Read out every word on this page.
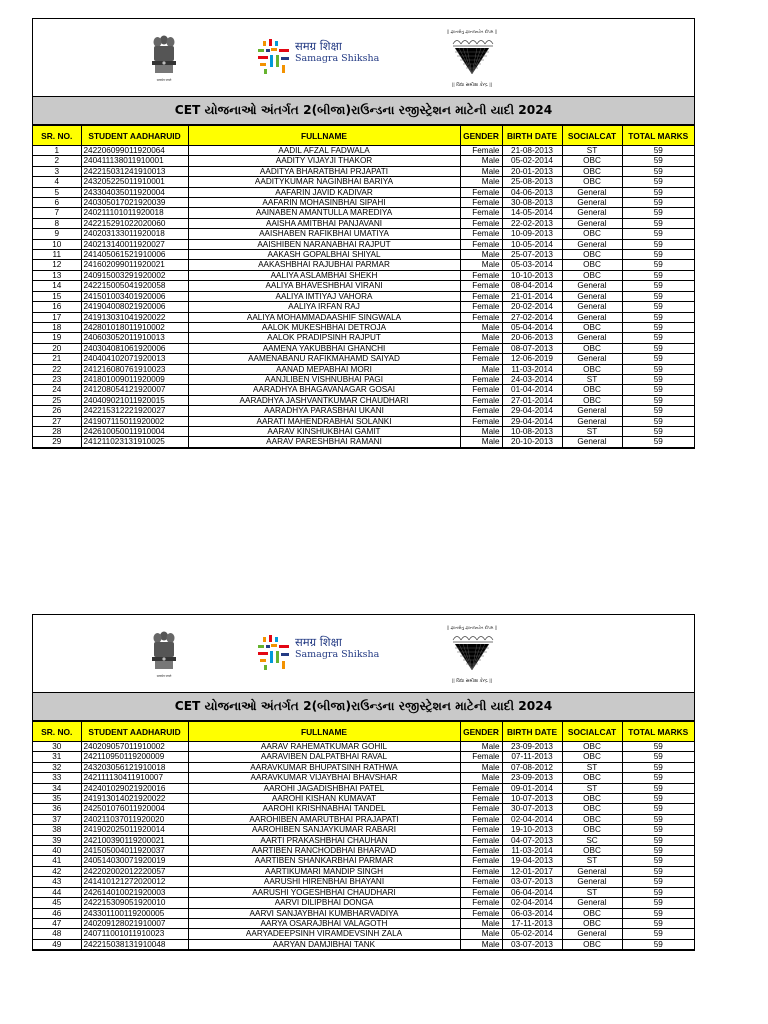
सत्यमेव जयते
समग्र शिक्षा
Samagra Shiksha
|| જ્ઞાનસેતુ જ્ઞાનજ્યોત દીપમ ||
|| વિદ્યા સમીક્ષા કેન્દ્ર ||
CET યોજનાઓ અંતર્ગત 2(બીજા)રાઉન્ડના રજીસ્ટ્રેશન માટેની યાદી 2024
SR. NO.	STUDENT AADHARUID	FULLNAME	GENDER	BIRTH DATE	SOCIALCAT	TOTAL MARKS
1	242206099011920064	AADIL AFZAL FADWALA	Female	21-08-2013	ST	59
2	240411138011910001	AADITY VIJAYJI THAKOR	Male	05-02-2014	OBC	59
3	242215031241910013	AADITYA BHARATBHAI PRJAPATI	Male	20-01-2013	OBC	59
4	243205225011910001	AADITYKUMAR NAGINBHAI BARIYA	Male	25-08-2013	OBC	59
5	243304035011920004	AAFARIN JAVID KADIVAR	Female	04-06-2013	General	59
6	240305017021920039	AAFARIN MOHASINBHAI SIPAHI	Female	30-08-2013	General	59
7	240211101011920018	AAINABEN AMANTULLA MAREDIYA	Female	14-05-2014	General	59
8	242215291022020060	AAISHA AMITBHAI PANJAVANI	Female	22-02-2013	General	59
9	240203133011920018	AAISHABEN RAFIKBHAI UMATIYA	Female	10-09-2013	OBC	59
10	240213140011920027	AAISHIBEN NARANABHAI RAJPUT	Female	10-05-2014	General	59
11	241405061521910006	AAKASH GOPALBHAI SHIYAL	Male	25-07-2013	OBC	59
12	241602099011920021	AAKASHBHAI RAJUBHAI PARMAR	Male	05-03-2014	OBC	59
13	240915003291920002	AALIYA ASLAMBHAI SHEKH	Female	10-10-2013	OBC	59
14	242215005041920058	AALIYA BHAVESHBHAI VIRANI	Female	08-04-2014	General	59
15	241501003401920006	AALIYA IMTIYAJ VAHORA	Female	21-01-2014	General	59
16	241904008021920006	AALIYA IRFAN RAJ	Female	20-02-2014	General	59
17	241913031041920022	AALIYA MOHAMMADAASHIF SINGWALA	Female	27-02-2014	General	59
18	242801018011910002	AALOK MUKESHBHAI DETROJA	Male	05-04-2014	OBC	59
19	240603052011910013	AALOK PRADIPSINH RAJPUT	Male	20-06-2013	General	59
20	240304081061920006	AAMENA YAKUBBHAI GHANCHI	Female	08-07-2013	OBC	59
21	240404102071920013	AAMENABANU RAFIKMAHAMD SAIYAD	Female	12-06-2019	General	59
22	241216080761910023	AANAD MEPABHAI MORI	Male	11-03-2014	OBC	59
23	241801009011920009	AANJLIBEN VISHNUBHAI PAGI	Female	24-03-2014	ST	59
24	241208054121920007	AARADHYA BHAGAVANAGAR GOSAI	Female	01-04-2014	OBC	59
25	240409021011920015	AARADHYA JASHVANTKUMAR CHAUDHARI	Female	27-01-2014	OBC	59
26	242215312221920027	AARADHYA PARASBHAI UKANI	Female	29-04-2014	General	59
27	241907115011920002	AARATI MAHENDRABHAI SOLANKI	Female	29-04-2014	General	59
28	242610050011910004	AARAV KINSHUKBHAI GAMIT	Male	10-08-2013	ST	59
29	241211023131910025	AARAV PARESHBHAI RAMANI	Male	20-10-2013	General	59
सत्यमेव जयते
समग्र शिक्षा
Samagra Shiksha
|| જ્ઞાનસેતુ જ્ઞાનજ્યોત દીપમ ||
|| વિદ્યા સમીક્ષા કેન્દ્ર ||
CET યોજનાઓ અંતર્ગત 2(બીજા)રાઉન્ડના રજીસ્ટ્રેશન માટેની યાદી 2024
SR. NO.	STUDENT AADHARUID	FULLNAME	GENDER	BIRTH DATE	SOCIALCAT	TOTAL MARKS
30	240209057011910002	AARAV RAHEMATKUMAR GOHIL	Male	23-09-2013	OBC	59
31	242110950119200009	AARAVIBEN DALPATBHAI RAVAL	Female	07-11-2013	OBC	59
32	243203056121910018	AARAVKUMAR BHUPATSINH RATHWA	Male	07-08-2012	ST	59
33	242111130411910007	AARAVKUMAR VIJAYBHAI BHAVSHAR	Male	23-09-2013	OBC	59
34	242401029021920016	AAROHI JAGADISHBHAI PATEL	Female	09-01-2014	ST	59
35	241913014021920022	AAROHI KISHAN KUMAVAT	Female	10-07-2013	OBC	59
36	242501076011920004	AAROHI KRISHNABHAI TANDEL	Female	30-07-2013	OBC	59
37	240211037011920020	AAROHIBEN AMARUTBHAI PRAJAPATI	Female	02-04-2014	OBC	59
38	241902025011920014	AAROHIBEN SANJAYKUMAR RABARI	Female	19-10-2013	OBC	59
39	242100390119200021	AARTI PRAKASHBHAI CHAUHAN	Female	04-07-2013	SC	59
40	241505004011920037	AARTIBEN RANCHODBHAI BHARVAD	Female	11-03-2014	OBC	59
41	240514030071920019	AARTIBEN SHANKARBHAI PARMAR	Female	19-04-2013	ST	59
42	242202002012220057	AARTIKUMARI MANDIP SINGH	Female	12-01-2017	General	59
43	241410121272020012	AARUSHI HIRENBHAI BHAYANI	Female	03-07-2013	General	59
44	242614010021920003	AARUSHI YOGESHBHAI CHAUDHARI	Female	06-04-2014	ST	59
45	242215309051920010	AARVI DILIPBHAI DONGA	Female	02-04-2014	General	59
46	243301100119200005	AARVI SANJAYBHAI KUMBHARVADIYA	Female	06-03-2014	OBC	59
47	240209128021910007	AARYA OSARAJBHAI VALAGOTH	Male	17-11-2013	OBC	59
48	240711001011910023	AARYADEEPSINH VIRAMDEVSINH ZALA	Male	05-02-2014	General	59
49	242215038131910048	AARYAN DAMJIBHAI TANK	Male	03-07-2013	OBC	59
